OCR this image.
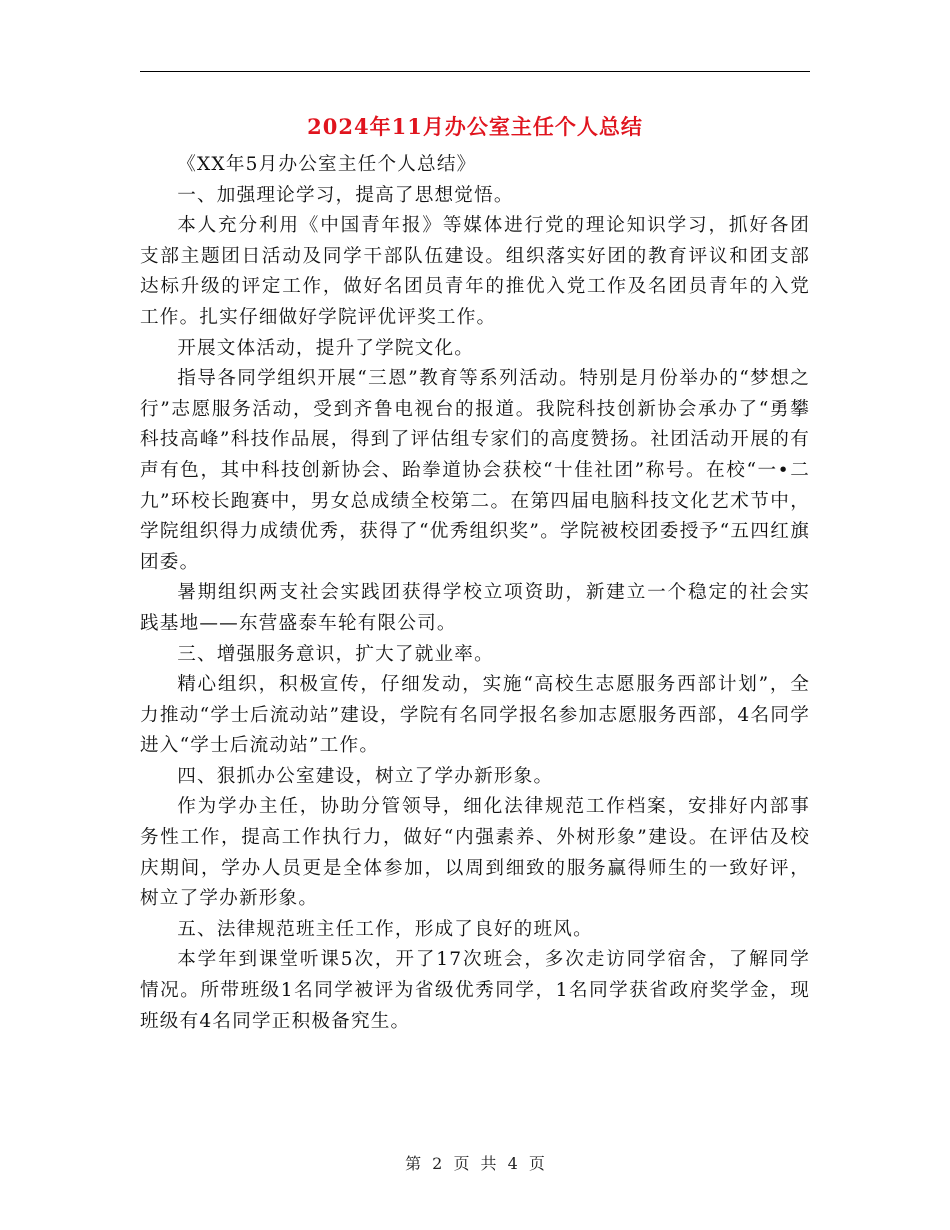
2024年11月办公室主任个人总结

《XX年5月办公室主任个人总结》

一、加强理论学习，提高了思想觉悟。

本人充分利用《中国青年报》等媒体进行党的理论知识学习，抓好各团支部主题团日活动及同学干部队伍建设。组织落实好团的教育评议和团支部达标升级的评定工作，做好名团员青年的推优入党工作及名团员青年的入党工作。扎实仔细做好学院评优评奖工作。

开展文体活动，提升了学院文化。

指导各同学组织开展“三恩”教育等系列活动。特别是月份举办的“梦想之行”志愿服务活动，受到齐鲁电视台的报道。我院科技创新协会承办了“勇攀科技高峰”科技作品展，得到了评估组专家们的高度赞扬。社团活动开展的有声有色，其中科技创新协会、跆拳道协会获校“十佳社团”称号。在校“一•二九”环校长跑赛中，男女总成绩全校第二。在第四届电脑科技文化艺术节中，学院组织得力成绩优秀，获得了“优秀组织奖”。学院被校团委授予“五四红旗团委。

暑期组织两支社会实践团获得学校立项资助，新建立一个稳定的社会实践基地——东营盛泰车轮有限公司。

三、增强服务意识，扩大了就业率。

精心组织，积极宣传，仔细发动，实施“高校生志愿服务西部计划”，全力推动“学士后流动站”建设，学院有名同学报名参加志愿服务西部，4名同学进入“学士后流动站”工作。

四、狠抓办公室建设，树立了学办新形象。

作为学办主任，协助分管领导，细化法律规范工作档案，安排好内部事务性工作，提高工作执行力，做好“内强素养、外树形象”建设。在评估及校庆期间，学办人员更是全体参加，以周到细致的服务赢得师生的一致好评，树立了学办新形象。

五、法律规范班主任工作，形成了良好的班风。

本学年到课堂听课5次，开了17次班会，多次走访同学宿舍，了解同学情况。所带班级1名同学被评为省级优秀同学，1名同学获省政府奖学金，现班级有4名同学正积极备究生。

第 2 页 共 4 页
